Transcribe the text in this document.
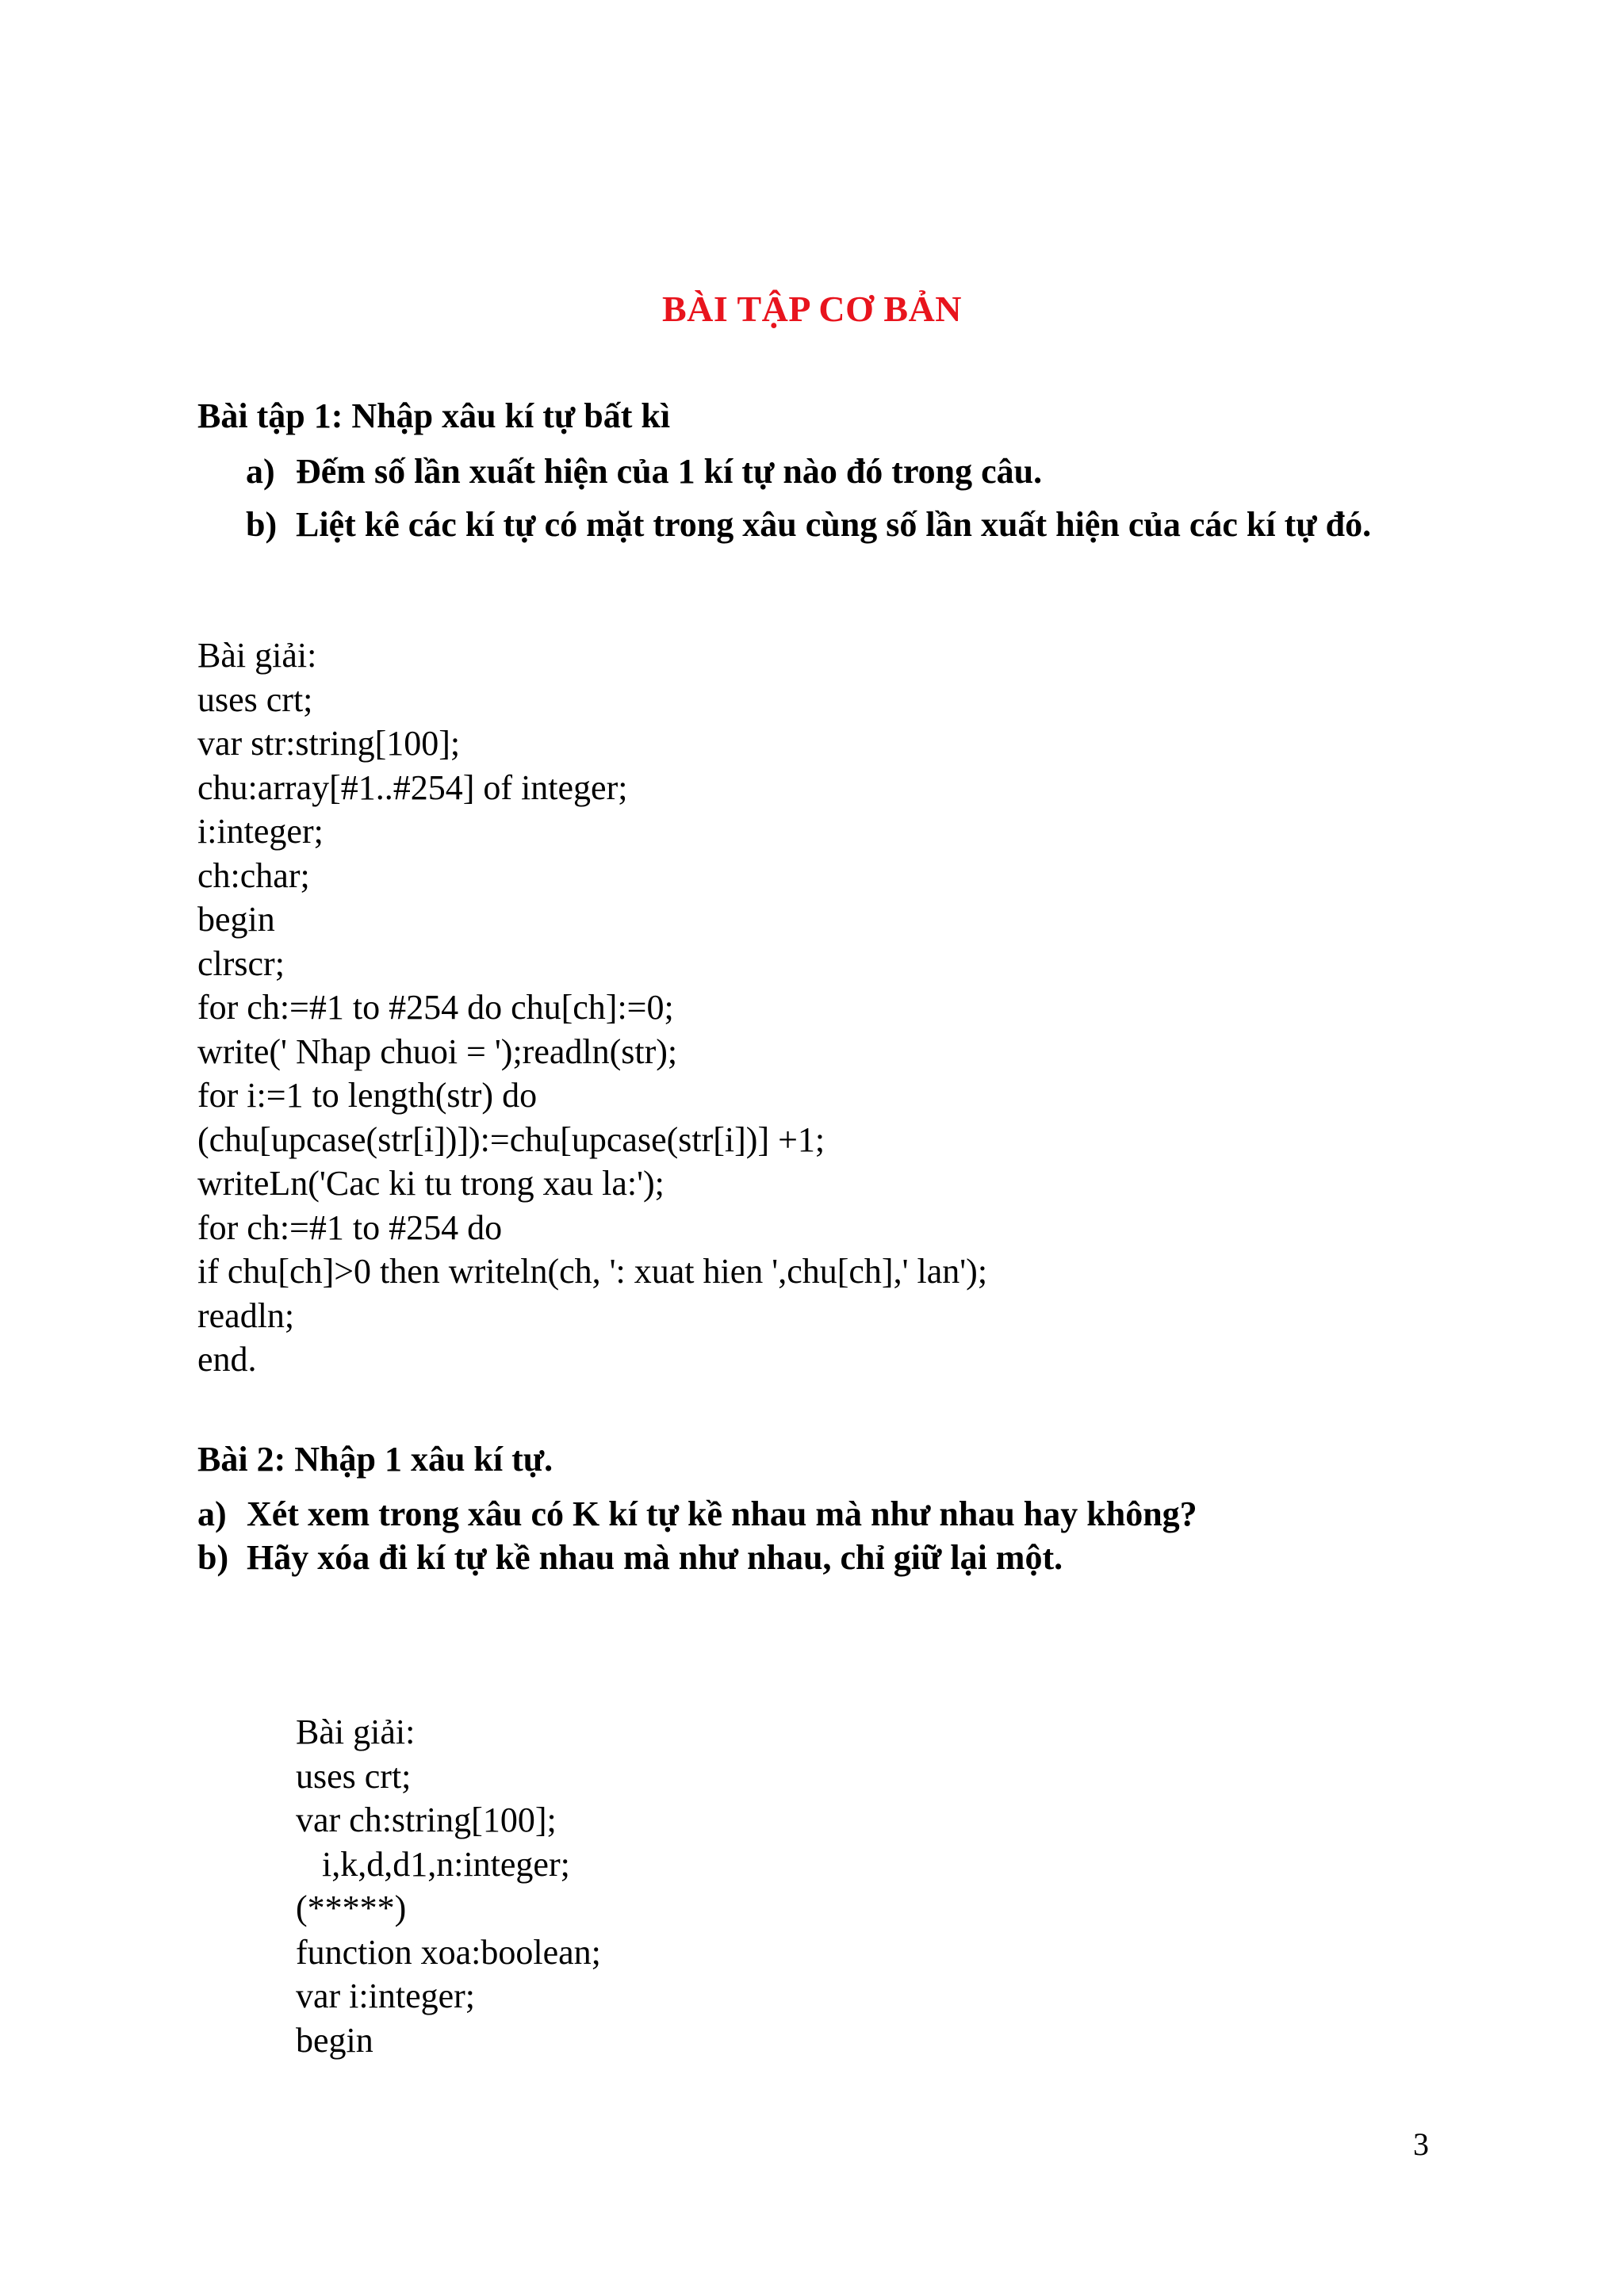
BÀI TẬP CƠ BẢN
Bài tập 1: Nhập xâu kí tự bất kì
a) Đếm số lần xuất hiện của 1 kí tự nào đó trong câu.
b) Liệt kê các kí tự có mặt trong xâu cùng số lần xuất hiện của các kí tự đó.
Bài giải:
uses crt;
var str:string[100];
chu:array[#1..#254] of integer;
i:integer;
ch:char;
begin
clrscr;
for ch:=#1 to #254 do chu[ch]:=0;
write(' Nhap chuoi = ');readln(str);
for i:=1 to length(str) do
(chu[upcase(str[i])]):=chu[upcase(str[i])] +1;
writeLn('Cac ki tu trong xau la:');
for ch:=#1 to #254 do
if chu[ch]>0 then writeln(ch, ': xuat hien ',chu[ch],' lan');
readln;
end.
Bài 2: Nhập 1 xâu kí tự.
a) Xét xem trong xâu có K kí tự kề nhau mà như nhau hay không?
b) Hãy xóa đi kí tự kề nhau mà như nhau, chỉ giữ lại một.
Bài giải:
uses crt;
var ch:string[100];
i,k,d,d1,n:integer;
(*****)
function xoa:boolean;
var i:integer;
begin
3
